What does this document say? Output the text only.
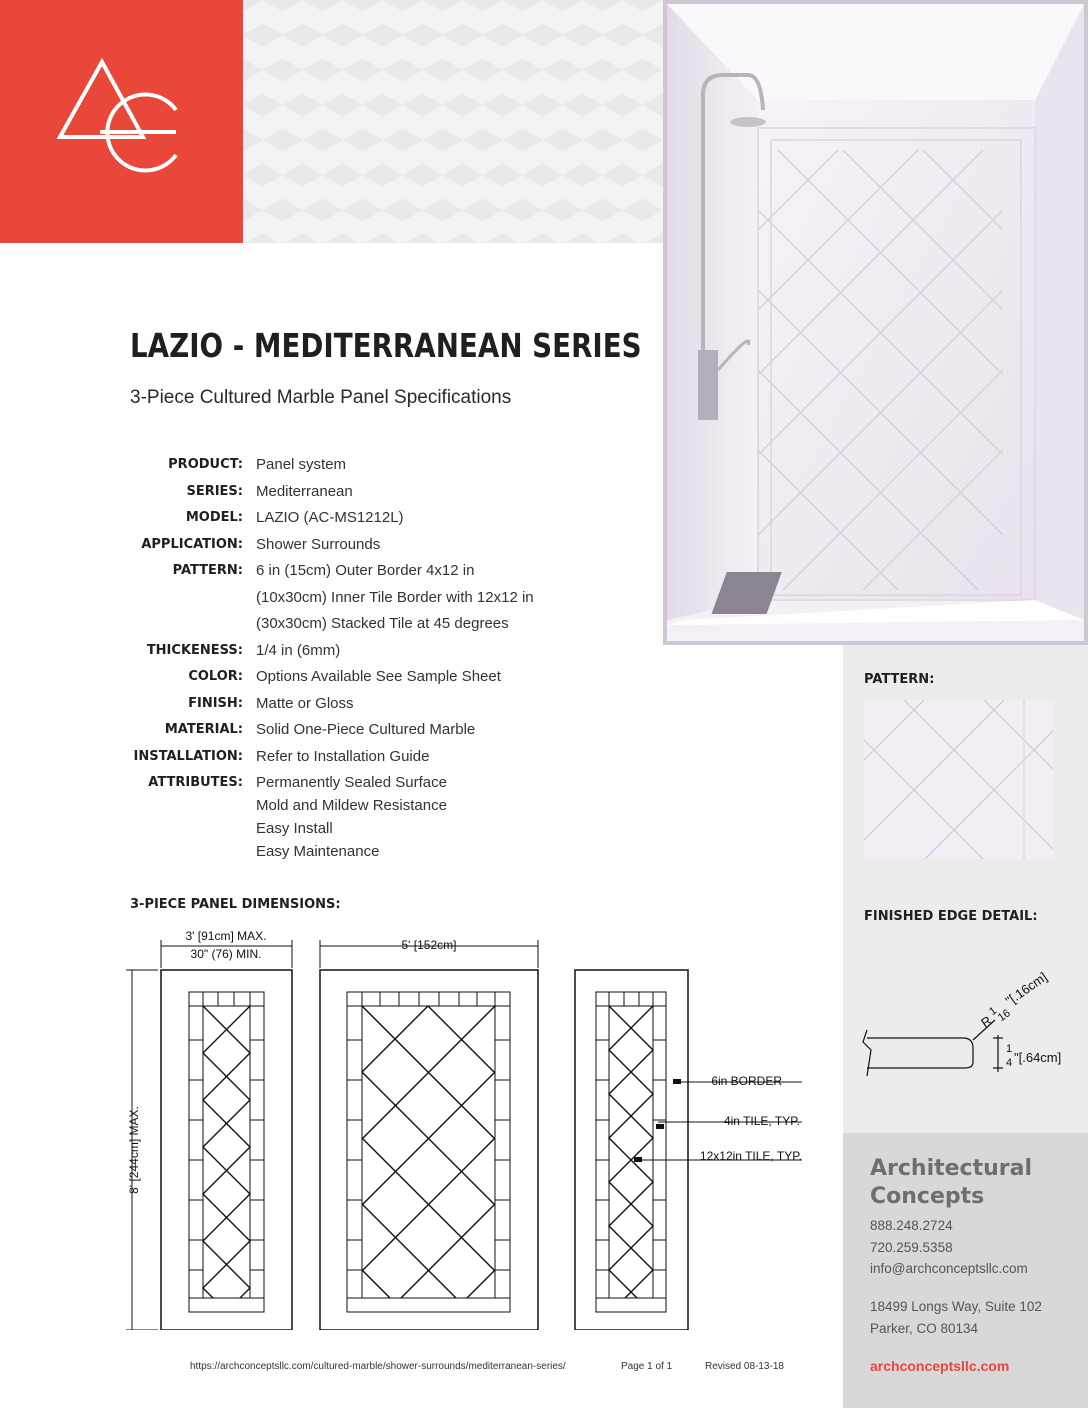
LAZIO - MEDITERRANEAN SERIES
3-Piece Cultured Marble Panel Specifications
PRODUCT: Panel system
SERIES: Mediterranean
MODEL: LAZIO (AC-MS1212L)
APPLICATION: Shower Surrounds
PATTERN: 6 in (15cm) Outer Border 4x12 in
(10x30cm) Inner Tile Border with 12x12 in
(30x30cm) Stacked Tile at 45 degrees
THICKENESS: 1/4 in (6mm)
COLOR: Options Available See Sample Sheet
FINISH: Matte or Gloss
MATERIAL: Solid One-Piece Cultured Marble
INSTALLATION: Refer to Installation Guide
ATTRIBUTES: Permanently Sealed Surface
Mold and Mildew Resistance
Easy Install
Easy Maintenance
3-PIECE PANEL DIMENSIONS:
3' [91cm] MAX.
30" (76) MIN.
5' [152cm]
8' [244cm] MAX.
6in BORDER
4in TILE, TYP.
12x12in TILE, TYP.
PATTERN:
FINISHED EDGE DETAIL:
R $^1$ 16 "[.16cm]
1
4 "[.64cm]
Architectural
Concepts
888.248.2724
720.259.5358
info@archconceptsllc.com
18499 Longs Way, Suite 102
Parker, CO 80134
archconceptsllc.com
https://archconceptsllc.com/cultured-marble/shower-surrounds/mediterranean-series/	Page 1 of 1	Revised 08-13-18
